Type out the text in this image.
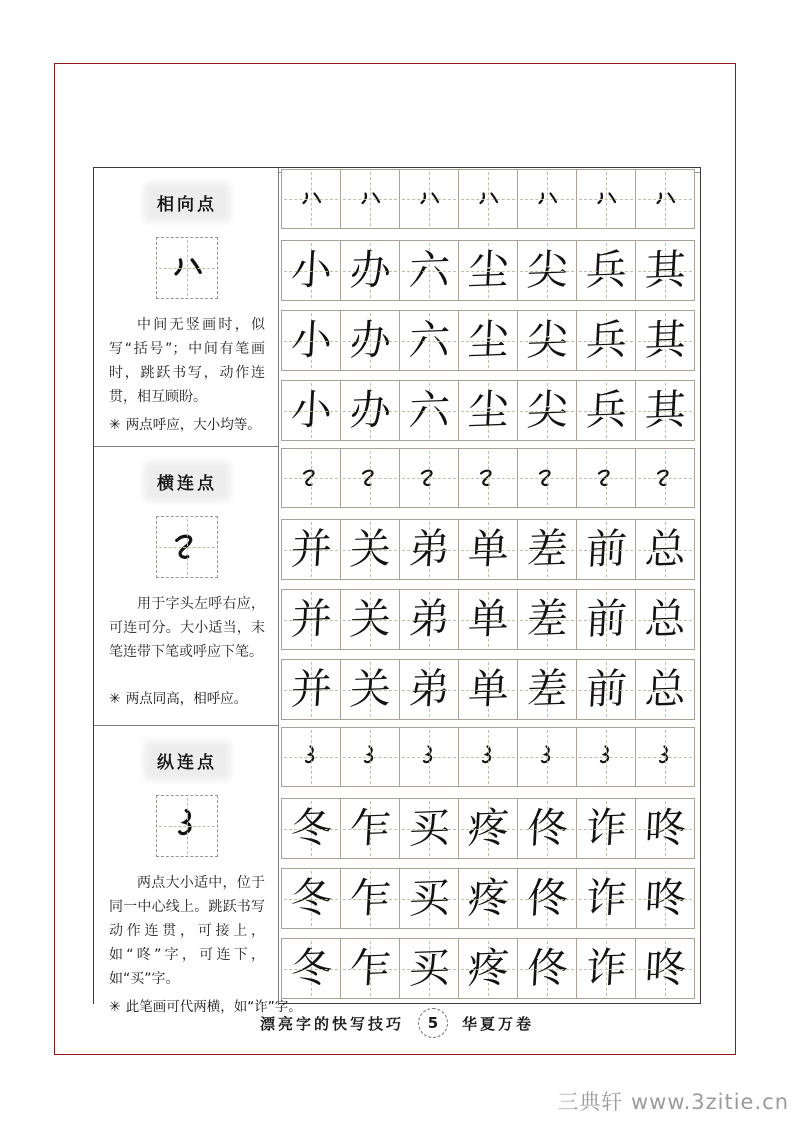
相向点
中间无竖画时，似写“括号”；中间有笔画时，跳跃书写，动作连贯，相互顾盼。
✳ 两点呼应，大小均等。
小 办 六 尘 尖 兵 其
小 办 六 尘 尖 兵 其
小 办 六 尘 尖 兵 其
横连点
用于字头左呼右应，可连可分。大小适当，末笔连带下笔或呼应下笔。
✳ 两点同高，相呼应。
并 关 弟 单 差 前 总
并 关 弟 单 差 前 总
并 关 弟 单 差 前 总
纵连点
两点大小适中，位于同一中心线上。跳跃书写动作连贯，可接上，如“咚”字，可连下，如“买”字。
✳ 此笔画可代两横，如“诈”字。
冬 乍 买 疼 佟 诈 咚
冬 乍 买 疼 佟 诈 咚
冬 乍 买 疼 佟 诈 咚
漂亮字的快写技巧	5	华夏万卷
三典轩 www.3zitie.cn
